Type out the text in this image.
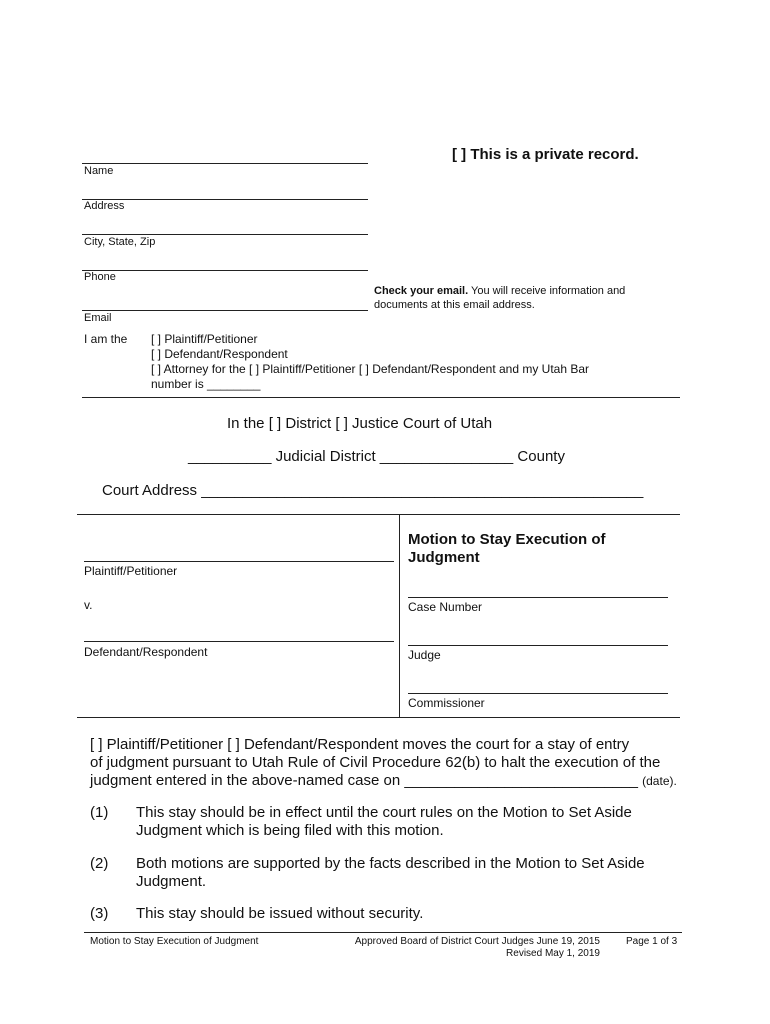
[ ] This is a private record.
Name
Address
City, State, Zip
Phone
Email
Check your email. You will receive information and
documents at this email address.
I am the [ ] Plaintiff/Petitioner
[ ] Defendant/Respondent
[ ] Attorney for the [ ] Plaintiff/Petitioner [ ] Defendant/Respondent and my Utah Bar
number is ________
In the [ ] District [ ] Justice Court of Utah
__________ Judicial District ________________ County
Court Address _____________________________________________________
Plaintiff/Petitioner
v.
Defendant/Respondent
Motion to Stay Execution of
Judgment
Case Number
Judge
Commissioner
[ ] Plaintiff/Petitioner [ ] Defendant/Respondent moves the court for a stay of entry
of judgment pursuant to Utah Rule of Civil Procedure 62(b) to halt the execution of the
judgment entered in the above-named case on ____________________________ (date).
(1) This stay should be in effect until the court rules on the Motion to Set Aside
Judgment which is being filed with this motion.
(2) Both motions are supported by the facts described in the Motion to Set Aside
Judgment.
(3) This stay should be issued without security.
Motion to Stay Execution of Judgment	Approved Board of District Court Judges June 19, 2015
Revised May 1, 2019
Page 1 of 3
